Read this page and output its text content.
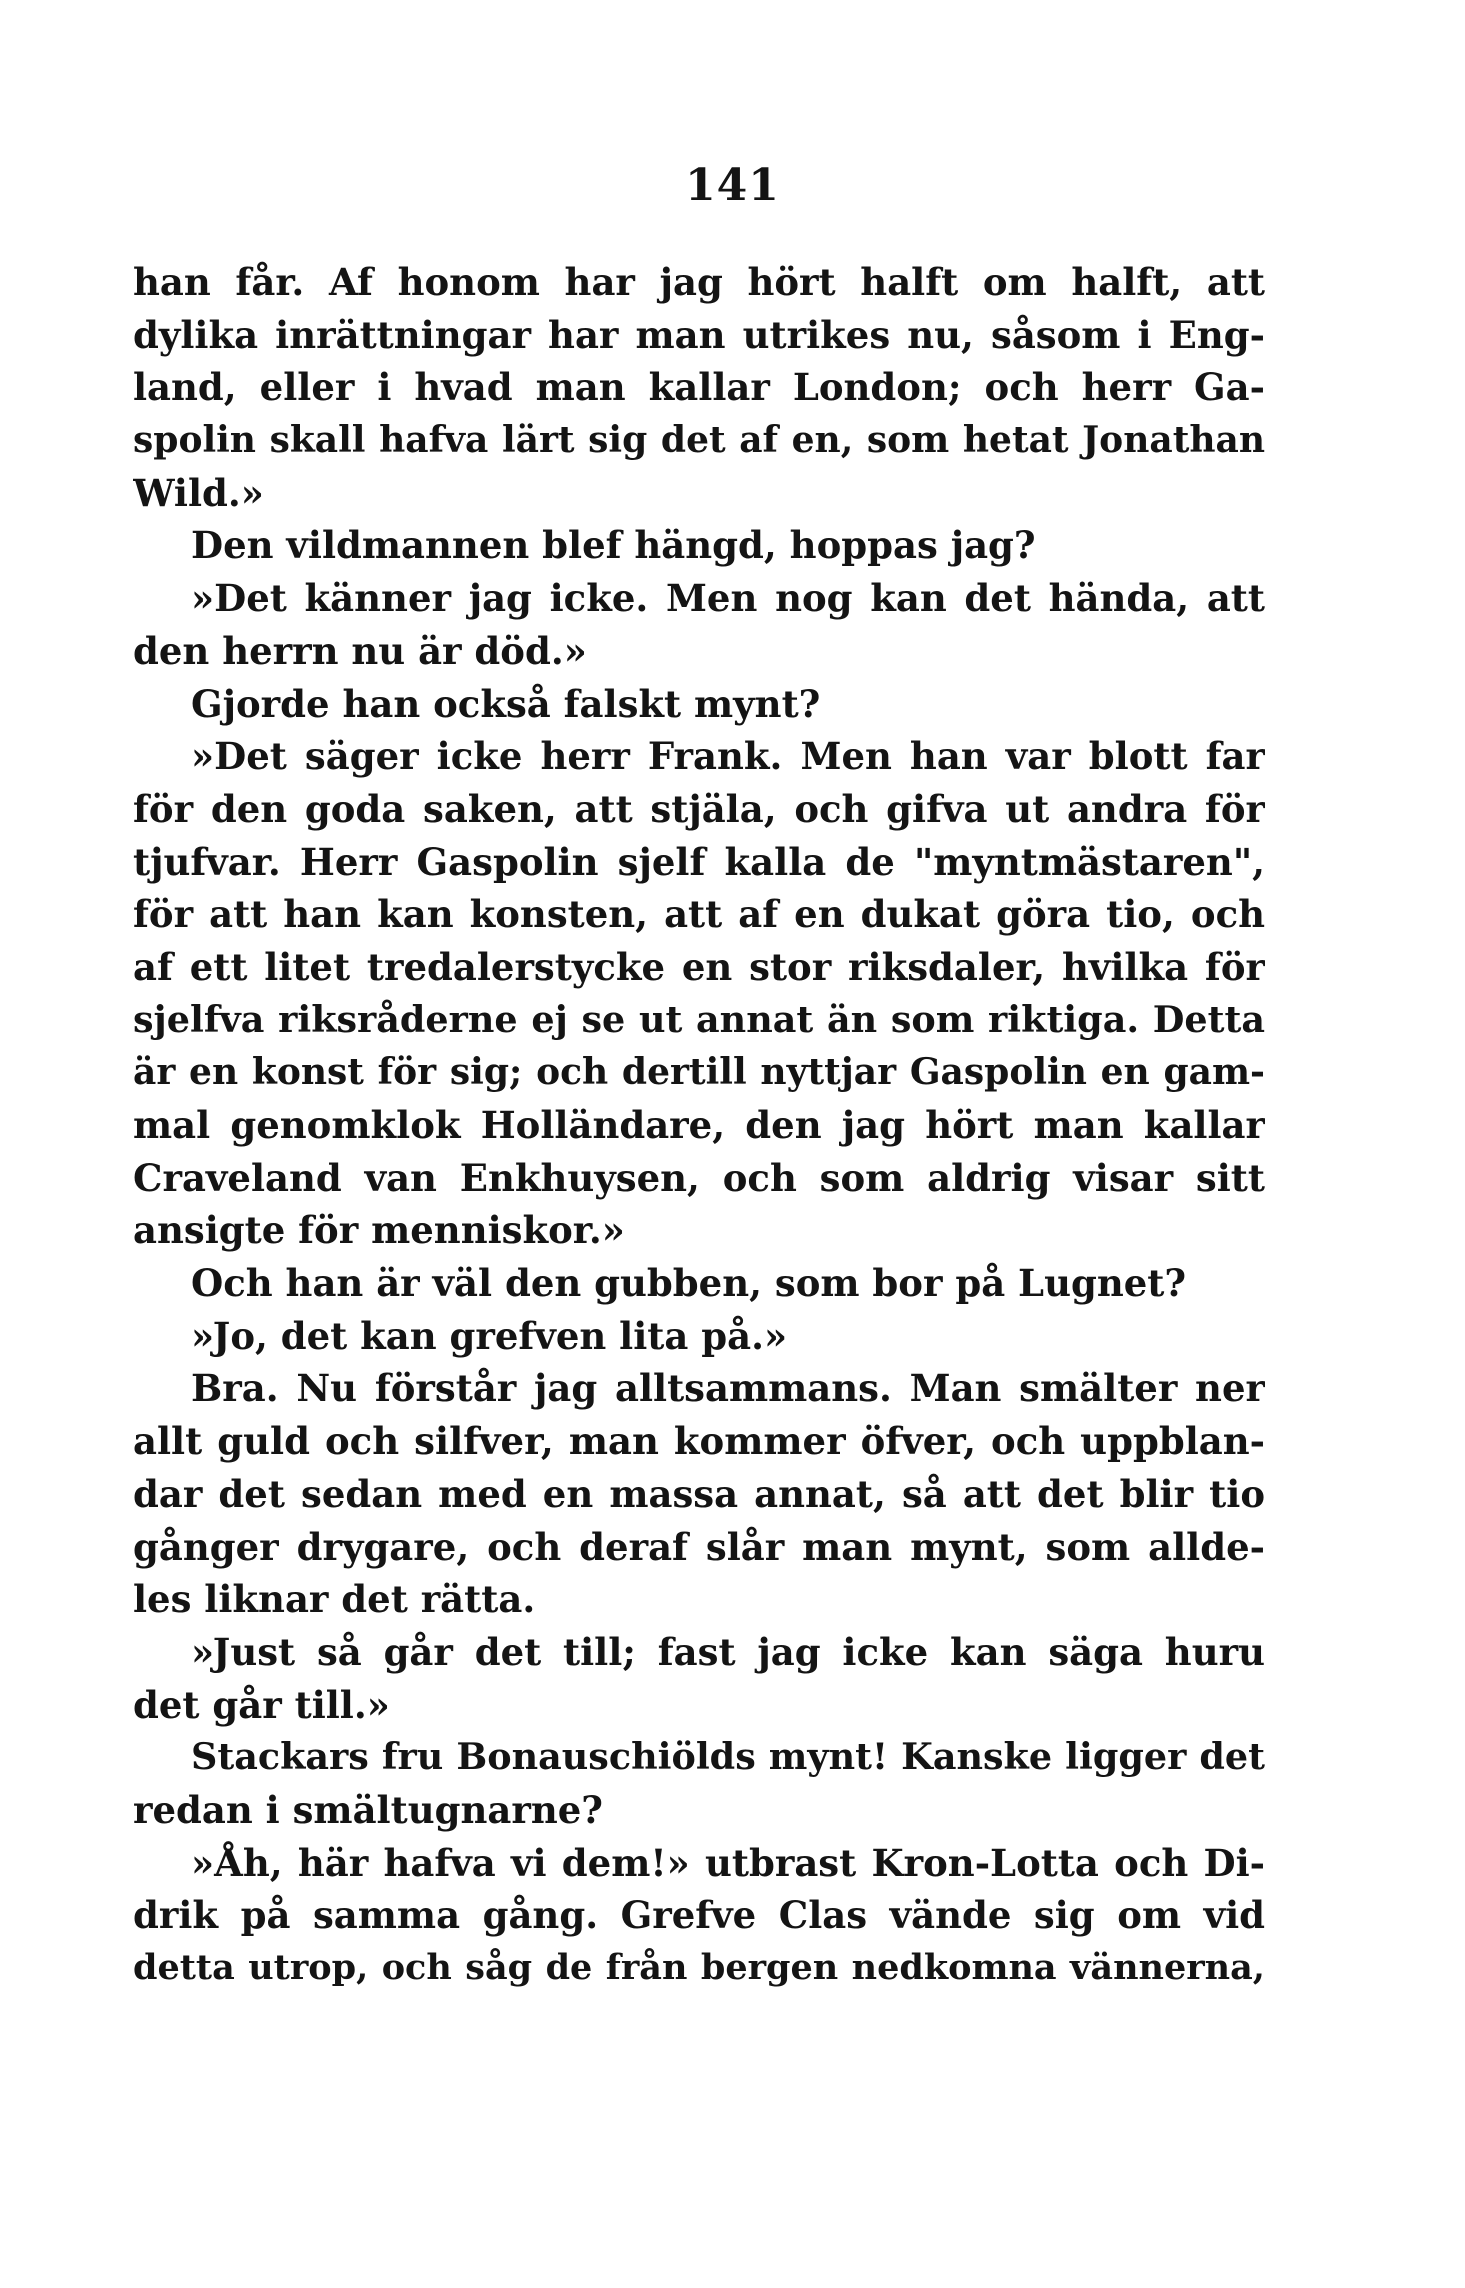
141
han får. Af honom har jag hört halft om halft, att
dylika inrättningar har man utrikes nu, såsom i Eng-
land, eller i hvad man kallar London; och herr Ga-
spolin skall hafva lärt sig det af en, som hetat Jonathan
Wild.»
Den vildmannen blef hängd, hoppas jag?
»Det känner jag icke. Men nog kan det hända, att
den herrn nu är död.»
Gjorde han också falskt mynt?
»Det säger icke herr Frank. Men han var blott far
för den goda saken, att stjäla, och gifva ut andra för
tjufvar. Herr Gaspolin sjelf kalla de "myntmästaren",
för att han kan konsten, att af en dukat göra tio, och
af ett litet tredalerstycke en stor riksdaler, hvilka för
sjelfva riksråderne ej se ut annat än som riktiga. Detta
är en konst för sig; och dertill nyttjar Gaspolin en gam-
mal genomklok Holländare, den jag hört man kallar
Craveland van Enkhuysen, och som aldrig visar sitt
ansigte för menniskor.»
Och han är väl den gubben, som bor på Lugnet?
»Jo, det kan grefven lita på.»
Bra. Nu förstår jag alltsammans. Man smälter ner
allt guld och silfver, man kommer öfver, och uppblan-
dar det sedan med en massa annat, så att det blir tio
gånger drygare, och deraf slår man mynt, som allde-
les liknar det rätta.
»Just så går det till; fast jag icke kan säga huru
det går till.»
Stackars fru Bonauschiölds mynt! Kanske ligger det
redan i smältugnarne?
»Åh, här hafva vi dem!» utbrast Kron-Lotta och Di-
drik på samma gång. Grefve Clas vände sig om vid
detta utrop, och såg de från bergen nedkomna vännerna,
